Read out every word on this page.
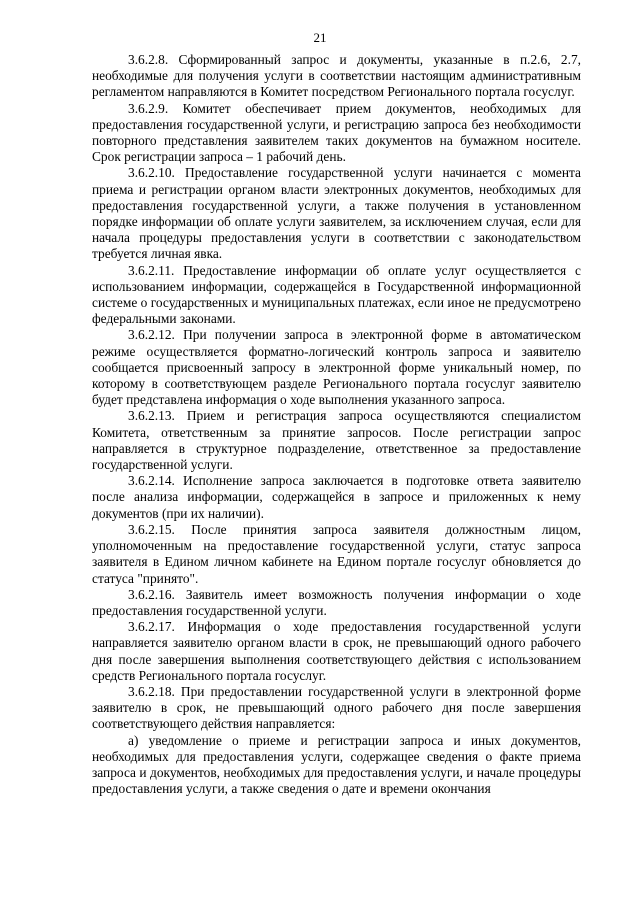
21

3.6.2.8. Сформированный запрос и документы, указанные в п.2.6, 2.7, необходимые для получения услуги в соответствии настоящим административным регламентом направляются в Комитет посредством Регионального портала госуслуг.

3.6.2.9. Комитет обеспечивает прием документов, необходимых для предоставления государственной услуги, и регистрацию запроса без необходимости повторного представления заявителем таких документов на бумажном носителе. Срок регистрации запроса – 1 рабочий день.

3.6.2.10. Предоставление государственной услуги начинается с момента приема и регистрации органом власти электронных документов, необходимых для предоставления государственной услуги, а также получения в установленном порядке информации об оплате услуги заявителем, за исключением случая, если для начала процедуры предоставления услуги в соответствии с законодательством требуется личная явка.

3.6.2.11. Предоставление информации об оплате услуг осуществляется с использованием информации, содержащейся в Государственной информационной системе о государственных и муниципальных платежах, если иное не предусмотрено федеральными законами.

3.6.2.12. При получении запроса в электронной форме в автоматическом режиме осуществляется форматно-логический контроль запроса и заявителю сообщается присвоенный запросу в электронной форме уникальный номер, по которому в соответствующем разделе Регионального портала госуслуг заявителю будет представлена информация о ходе выполнения указанного запроса.

3.6.2.13. Прием и регистрация запроса осуществляются специалистом Комитета, ответственным за принятие запросов. После регистрации запрос направляется в структурное подразделение, ответственное за предоставление государственной услуги.

3.6.2.14. Исполнение запроса заключается в подготовке ответа заявителю после анализа информации, содержащейся в запросе и приложенных к нему документов (при их наличии).

3.6.2.15. После принятия запроса заявителя должностным лицом, уполномоченным на предоставление государственной услуги, статус запроса заявителя в Едином личном кабинете на Едином портале госуслуг обновляется до статуса "принято".

3.6.2.16. Заявитель имеет возможность получения информации о ходе предоставления государственной услуги.

3.6.2.17. Информация о ходе предоставления государственной услуги направляется заявителю органом власти в срок, не превышающий одного рабочего дня после завершения выполнения соответствующего действия с использованием средств Регионального портала госуслуг.

3.6.2.18. При предоставлении государственной услуги в электронной форме заявителю в срок, не превышающий одного рабочего дня после завершения соответствующего действия направляется:

а) уведомление о приеме и регистрации запроса и иных документов, необходимых для предоставления услуги, содержащее сведения о факте приема запроса и документов, необходимых для предоставления услуги, и начале процедуры предоставления услуги, а также сведения о дате и времени окончания
